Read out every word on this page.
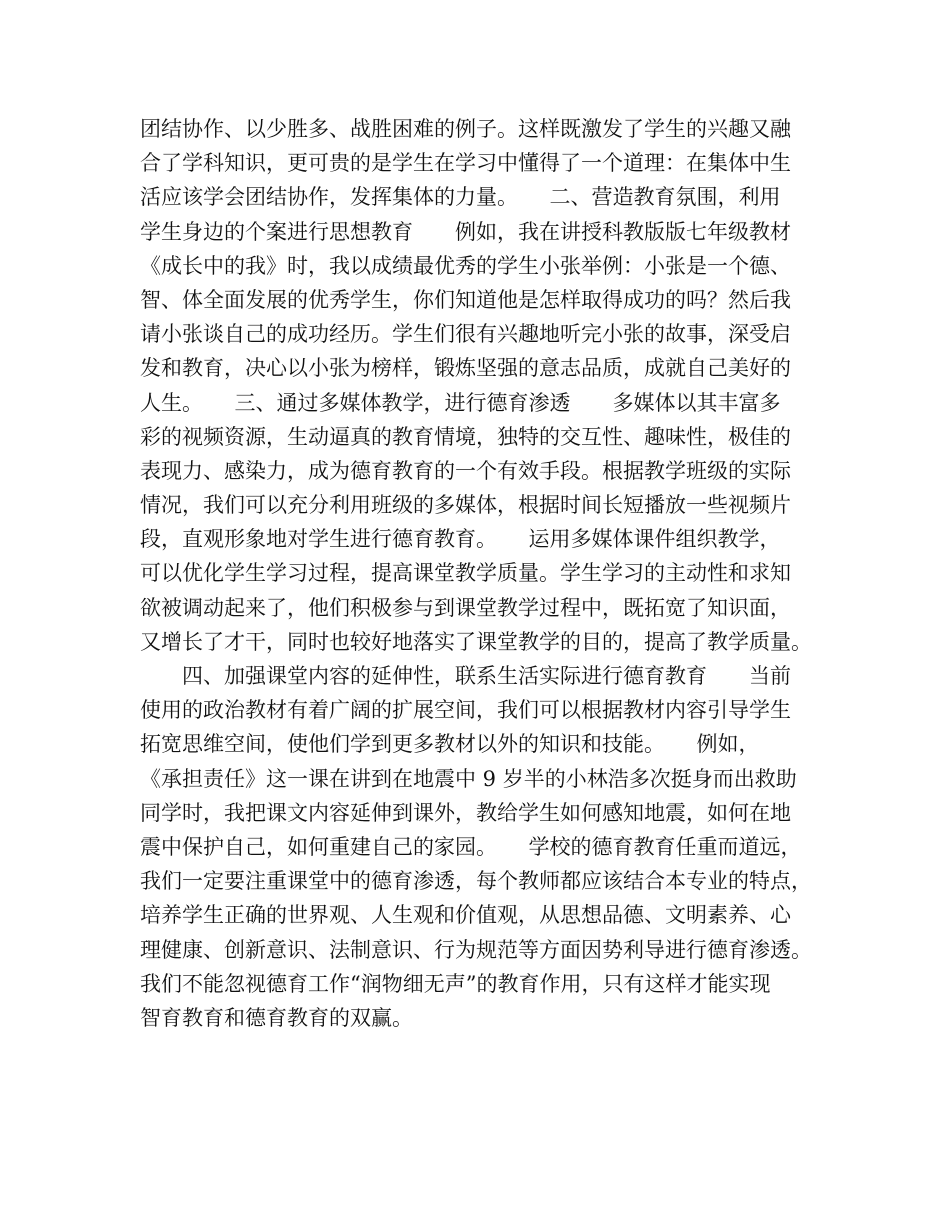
团结协作、以少胜多、战胜困难的例子。这样既激发了学生的兴趣又融
合了学科知识，更可贵的是学生在学习中懂得了一个道理：在集体中生
活应该学会团结协作，发挥集体的力量。　　二、营造教育氛围，利用
学生身边的个案进行思想教育　　例如，我在讲授科教版版七年级教材
《成长中的我》时，我以成绩最优秀的学生小张举例：小张是一个德、
智、体全面发展的优秀学生，你们知道他是怎样取得成功的吗？然后我
请小张谈自己的成功经历。学生们很有兴趣地听完小张的故事，深受启
发和教育，决心以小张为榜样，锻炼坚强的意志品质，成就自己美好的
人生。　　三、通过多媒体教学，进行德育渗透　　多媒体以其丰富多
彩的视频资源，生动逼真的教育情境，独特的交互性、趣味性，极佳的
表现力、感染力，成为德育教育的一个有效手段。根据教学班级的实际
情况，我们可以充分利用班级的多媒体，根据时间长短播放一些视频片
段，直观形象地对学生进行德育教育。　　运用多媒体课件组织教学，
可以优化学生学习过程，提高课堂教学质量。学生学习的主动性和求知
欲被调动起来了，他们积极参与到课堂教学过程中，既拓宽了知识面，
又增长了才干，同时也较好地落实了课堂教学的目的，提高了教学质量。
　　四、加强课堂内容的延伸性，联系生活实际进行德育教育　　当前
使用的政治教材有着广阔的扩展空间，我们可以根据教材内容引导学生
拓宽思维空间，使他们学到更多教材以外的知识和技能。　　例如，
《承担责任》这一课在讲到在地震中 9 岁半的小林浩多次挺身而出救助
同学时，我把课文内容延伸到课外，教给学生如何感知地震，如何在地
震中保护自己，如何重建自己的家园。　　学校的德育教育任重而道远，
我们一定要注重课堂中的德育渗透，每个教师都应该结合本专业的特点，
培养学生正确的世界观、人生观和价值观，从思想品德、文明素养、心
理健康、创新意识、法制意识、行为规范等方面因势利导进行德育渗透。
我们不能忽视德育工作“润物细无声”的教育作用，只有这样才能实现
智育教育和德育教育的双赢。
